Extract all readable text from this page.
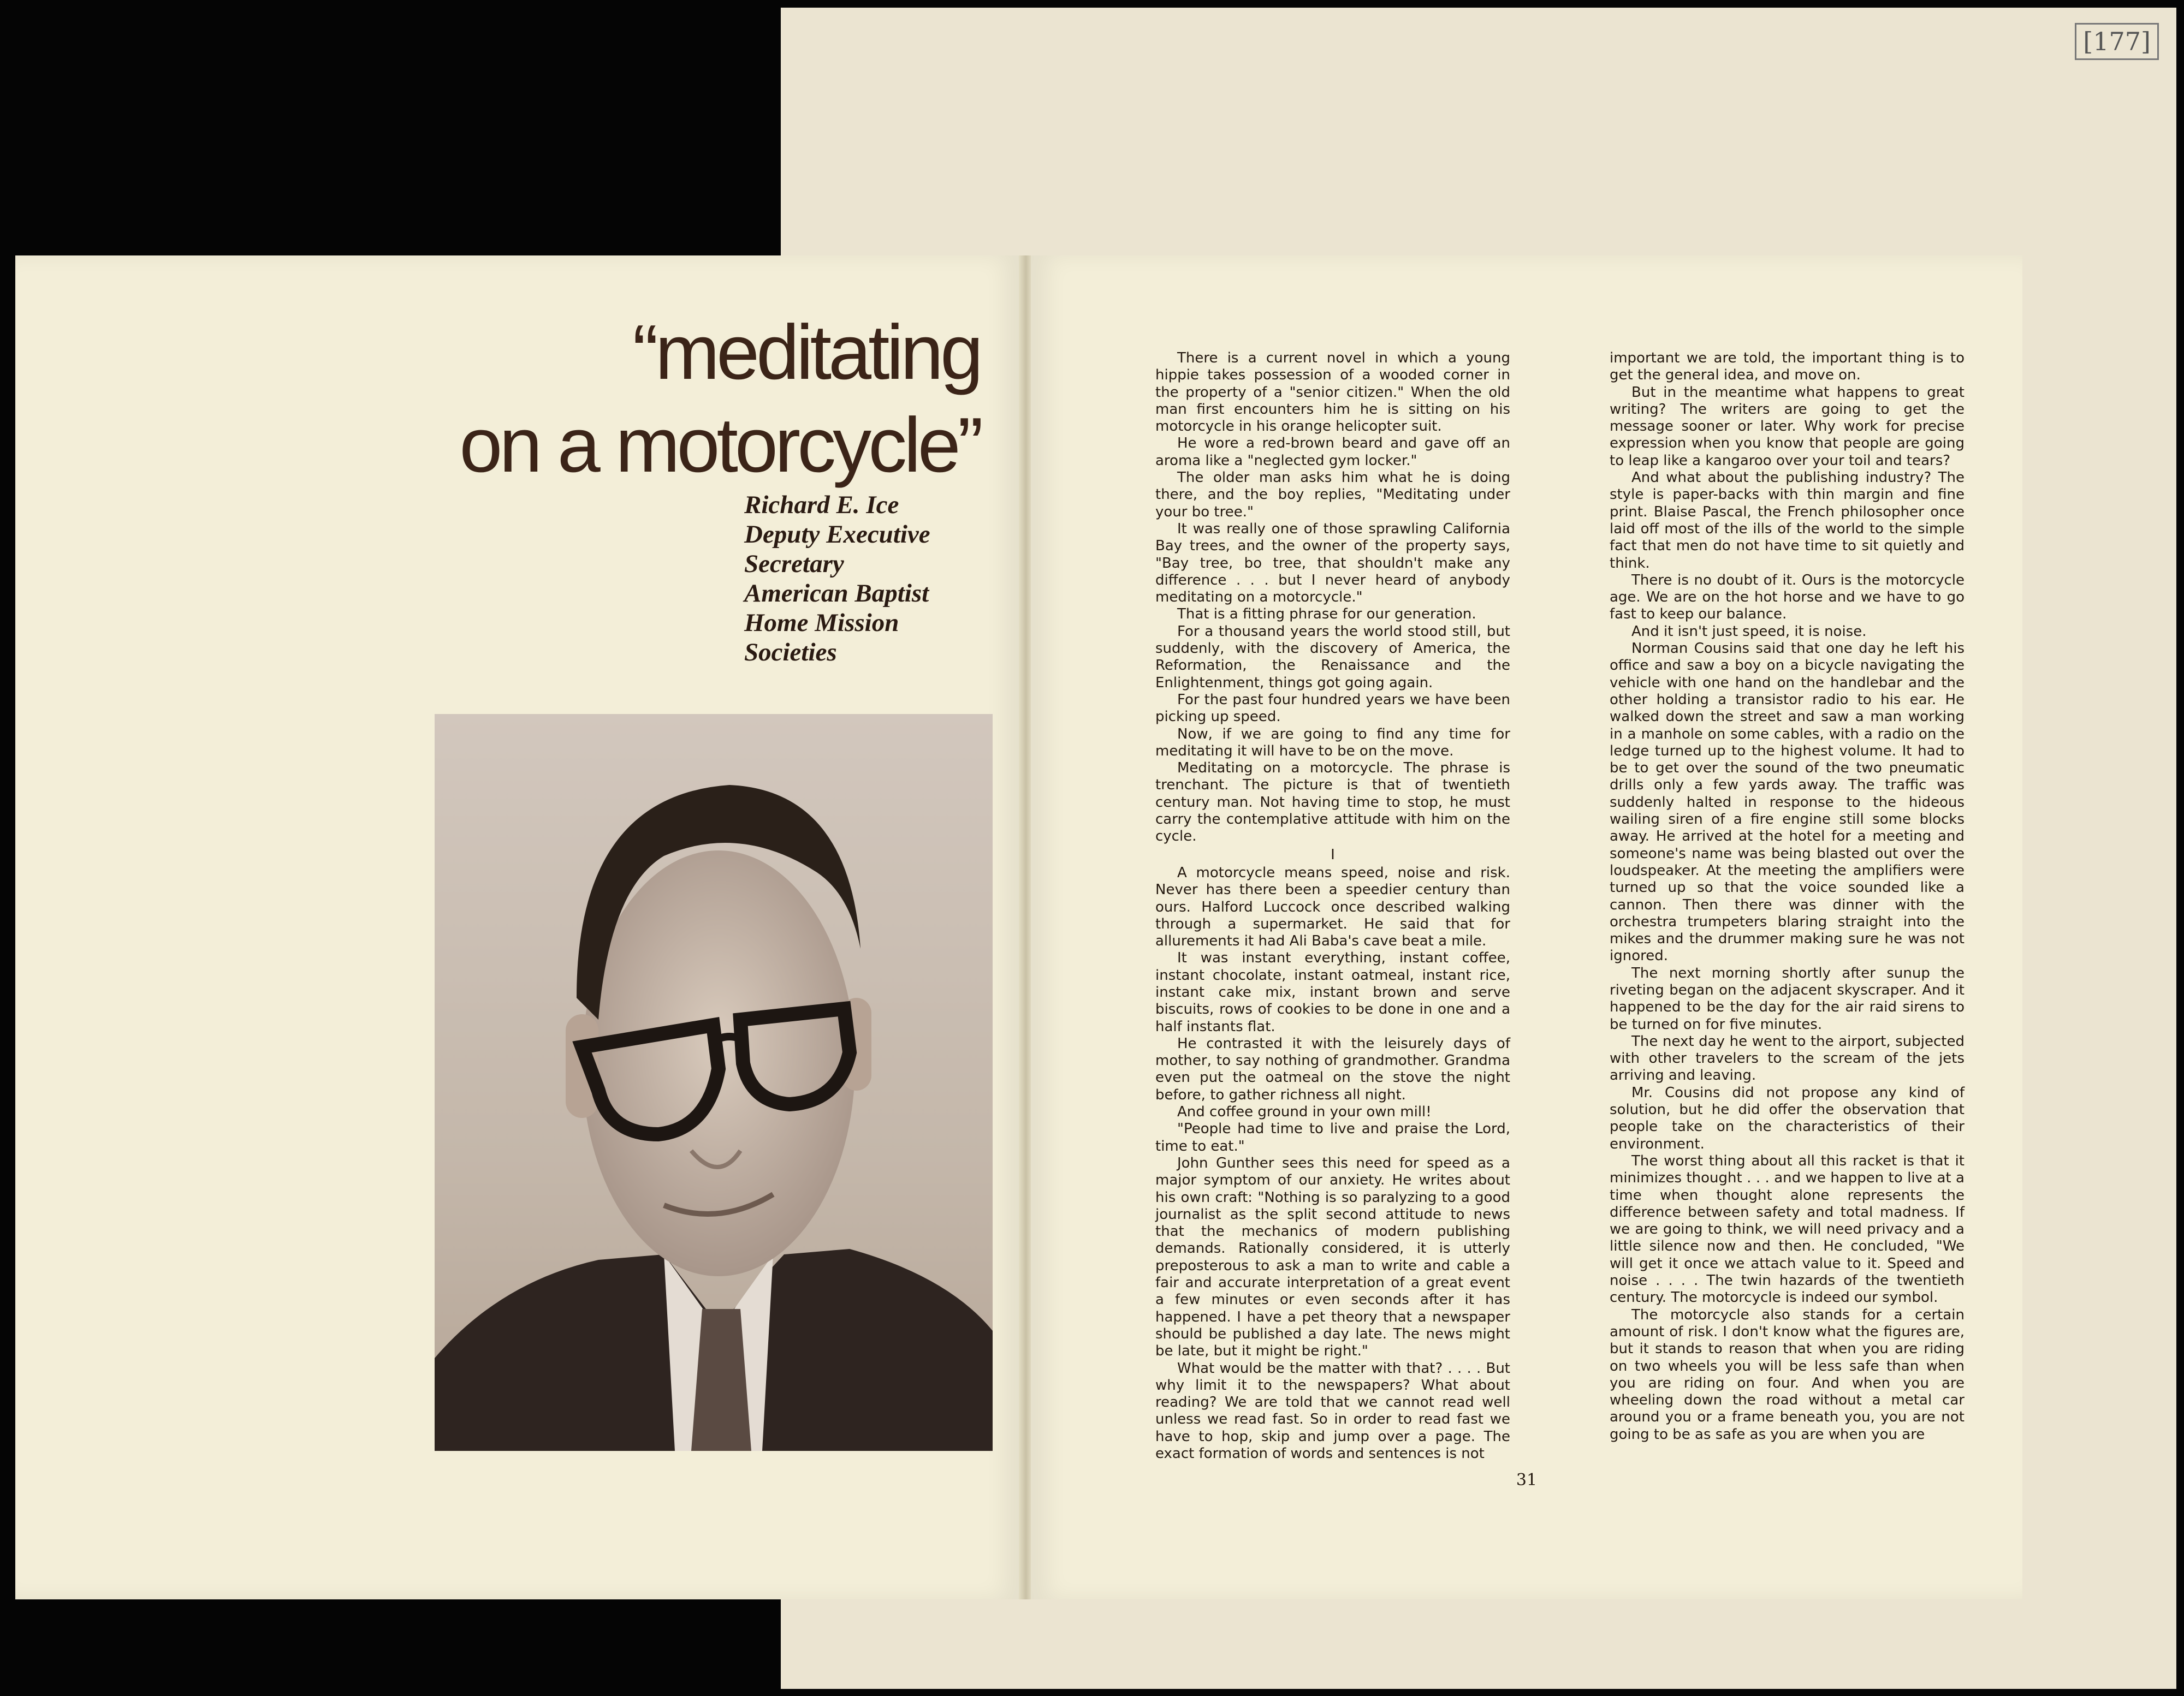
[177]
“meditating
on a motorcycle”
Richard E. Ice
Deputy Executive
Secretary
American Baptist
Home Mission
Societies

There is a current novel in which a young hippie takes possession of a wooded corner in the property of a "senior citizen." When the old man first encounters him he is sitting on his motorcycle in his orange helicopter suit.

He wore a red-brown beard and gave off an aroma like a "neglected gym locker."

The older man asks him what he is doing there, and the boy replies, "Meditating under your bo tree."

It was really one of those sprawling California Bay trees, and the owner of the property says, "Bay tree, bo tree, that shouldn't make any difference . . . but I never heard of anybody meditating on a motorcycle."

That is a fitting phrase for our generation.

For a thousand years the world stood still, but suddenly, with the discovery of America, the Reformation, the Renaissance and the Enlightenment, things got going again.

For the past four hundred years we have been picking up speed.

Now, if we are going to find any time for meditating it will have to be on the move.

Meditating on a motorcycle. The phrase is trenchant. The picture is that of twentieth century man. Not having time to stop, he must carry the contemplative attitude with him on the cycle.

I

A motorcycle means speed, noise and risk. Never has there been a speedier century than ours. Halford Luccock once described walking through a supermarket. He said that for allurements it had Ali Baba's cave beat a mile.

It was instant everything, instant coffee, instant chocolate, instant oatmeal, instant rice, instant cake mix, instant brown and serve biscuits, rows of cookies to be done in one and a half instants flat.

He contrasted it with the leisurely days of mother, to say nothing of grandmother. Grandma even put the oatmeal on the stove the night before, to gather richness all night.

And coffee ground in your own mill!

"People had time to live and praise the Lord, time to eat."

John Gunther sees this need for speed as a major symptom of our anxiety. He writes about his own craft: "Nothing is so paralyzing to a good journalist as the split second attitude to news that the mechanics of modern publishing demands. Rationally considered, it is utterly preposterous to ask a man to write and cable a fair and accurate interpretation of a great event a few minutes or even seconds after it has happened. I have a pet theory that a newspaper should be published a day late. The news might be late, but it might be right."

What would be the matter with that? . . . . But why limit it to the newspapers? What about reading? We are told that we cannot read well unless we read fast. So in order to read fast we have to hop, skip and jump over a page. The exact formation of words and sentences is not

important we are told, the important thing is to get the general idea, and move on.

But in the meantime what happens to great writing? The writers are going to get the message sooner or later. Why work for precise expression when you know that people are going to leap like a kangaroo over your toil and tears?

And what about the publishing industry? The style is paper-backs with thin margin and fine print. Blaise Pascal, the French philosopher once laid off most of the ills of the world to the simple fact that men do not have time to sit quietly and think.

There is no doubt of it. Ours is the motorcycle age. We are on the hot horse and we have to go fast to keep our balance.

And it isn't just speed, it is noise.

Norman Cousins said that one day he left his office and saw a boy on a bicycle navigating the vehicle with one hand on the handlebar and the other holding a transistor radio to his ear. He walked down the street and saw a man working in a manhole on some cables, with a radio on the ledge turned up to the highest volume. It had to be to get over the sound of the two pneumatic drills only a few yards away. The traffic was suddenly halted in response to the hideous wailing siren of a fire engine still some blocks away. He arrived at the hotel for a meeting and someone's name was being blasted out over the loudspeaker. At the meeting the amplifiers were turned up so that the voice sounded like a cannon. Then there was dinner with the orchestra trumpeters blaring straight into the mikes and the drummer making sure he was not ignored.

The next morning shortly after sunup the riveting began on the adjacent skyscraper. And it happened to be the day for the air raid sirens to be turned on for five minutes.

The next day he went to the airport, subjected with other travelers to the scream of the jets arriving and leaving.

Mr. Cousins did not propose any kind of solution, but he did offer the observation that people take on the characteristics of their environment.

The worst thing about all this racket is that it minimizes thought . . . and we happen to live at a time when thought alone represents the difference between safety and total madness. If we are going to think, we will need privacy and a little silence now and then. He concluded, "We will get it once we attach value to it. Speed and noise . . . . The twin hazards of the twentieth century. The motorcycle is indeed our symbol.

The motorcycle also stands for a certain amount of risk. I don't know what the figures are, but it stands to reason that when you are riding on two wheels you will be less safe than when you are riding on four. And when you are wheeling down the road without a metal car around you or a frame beneath you, you are not going to be as safe as you are when you are

31
